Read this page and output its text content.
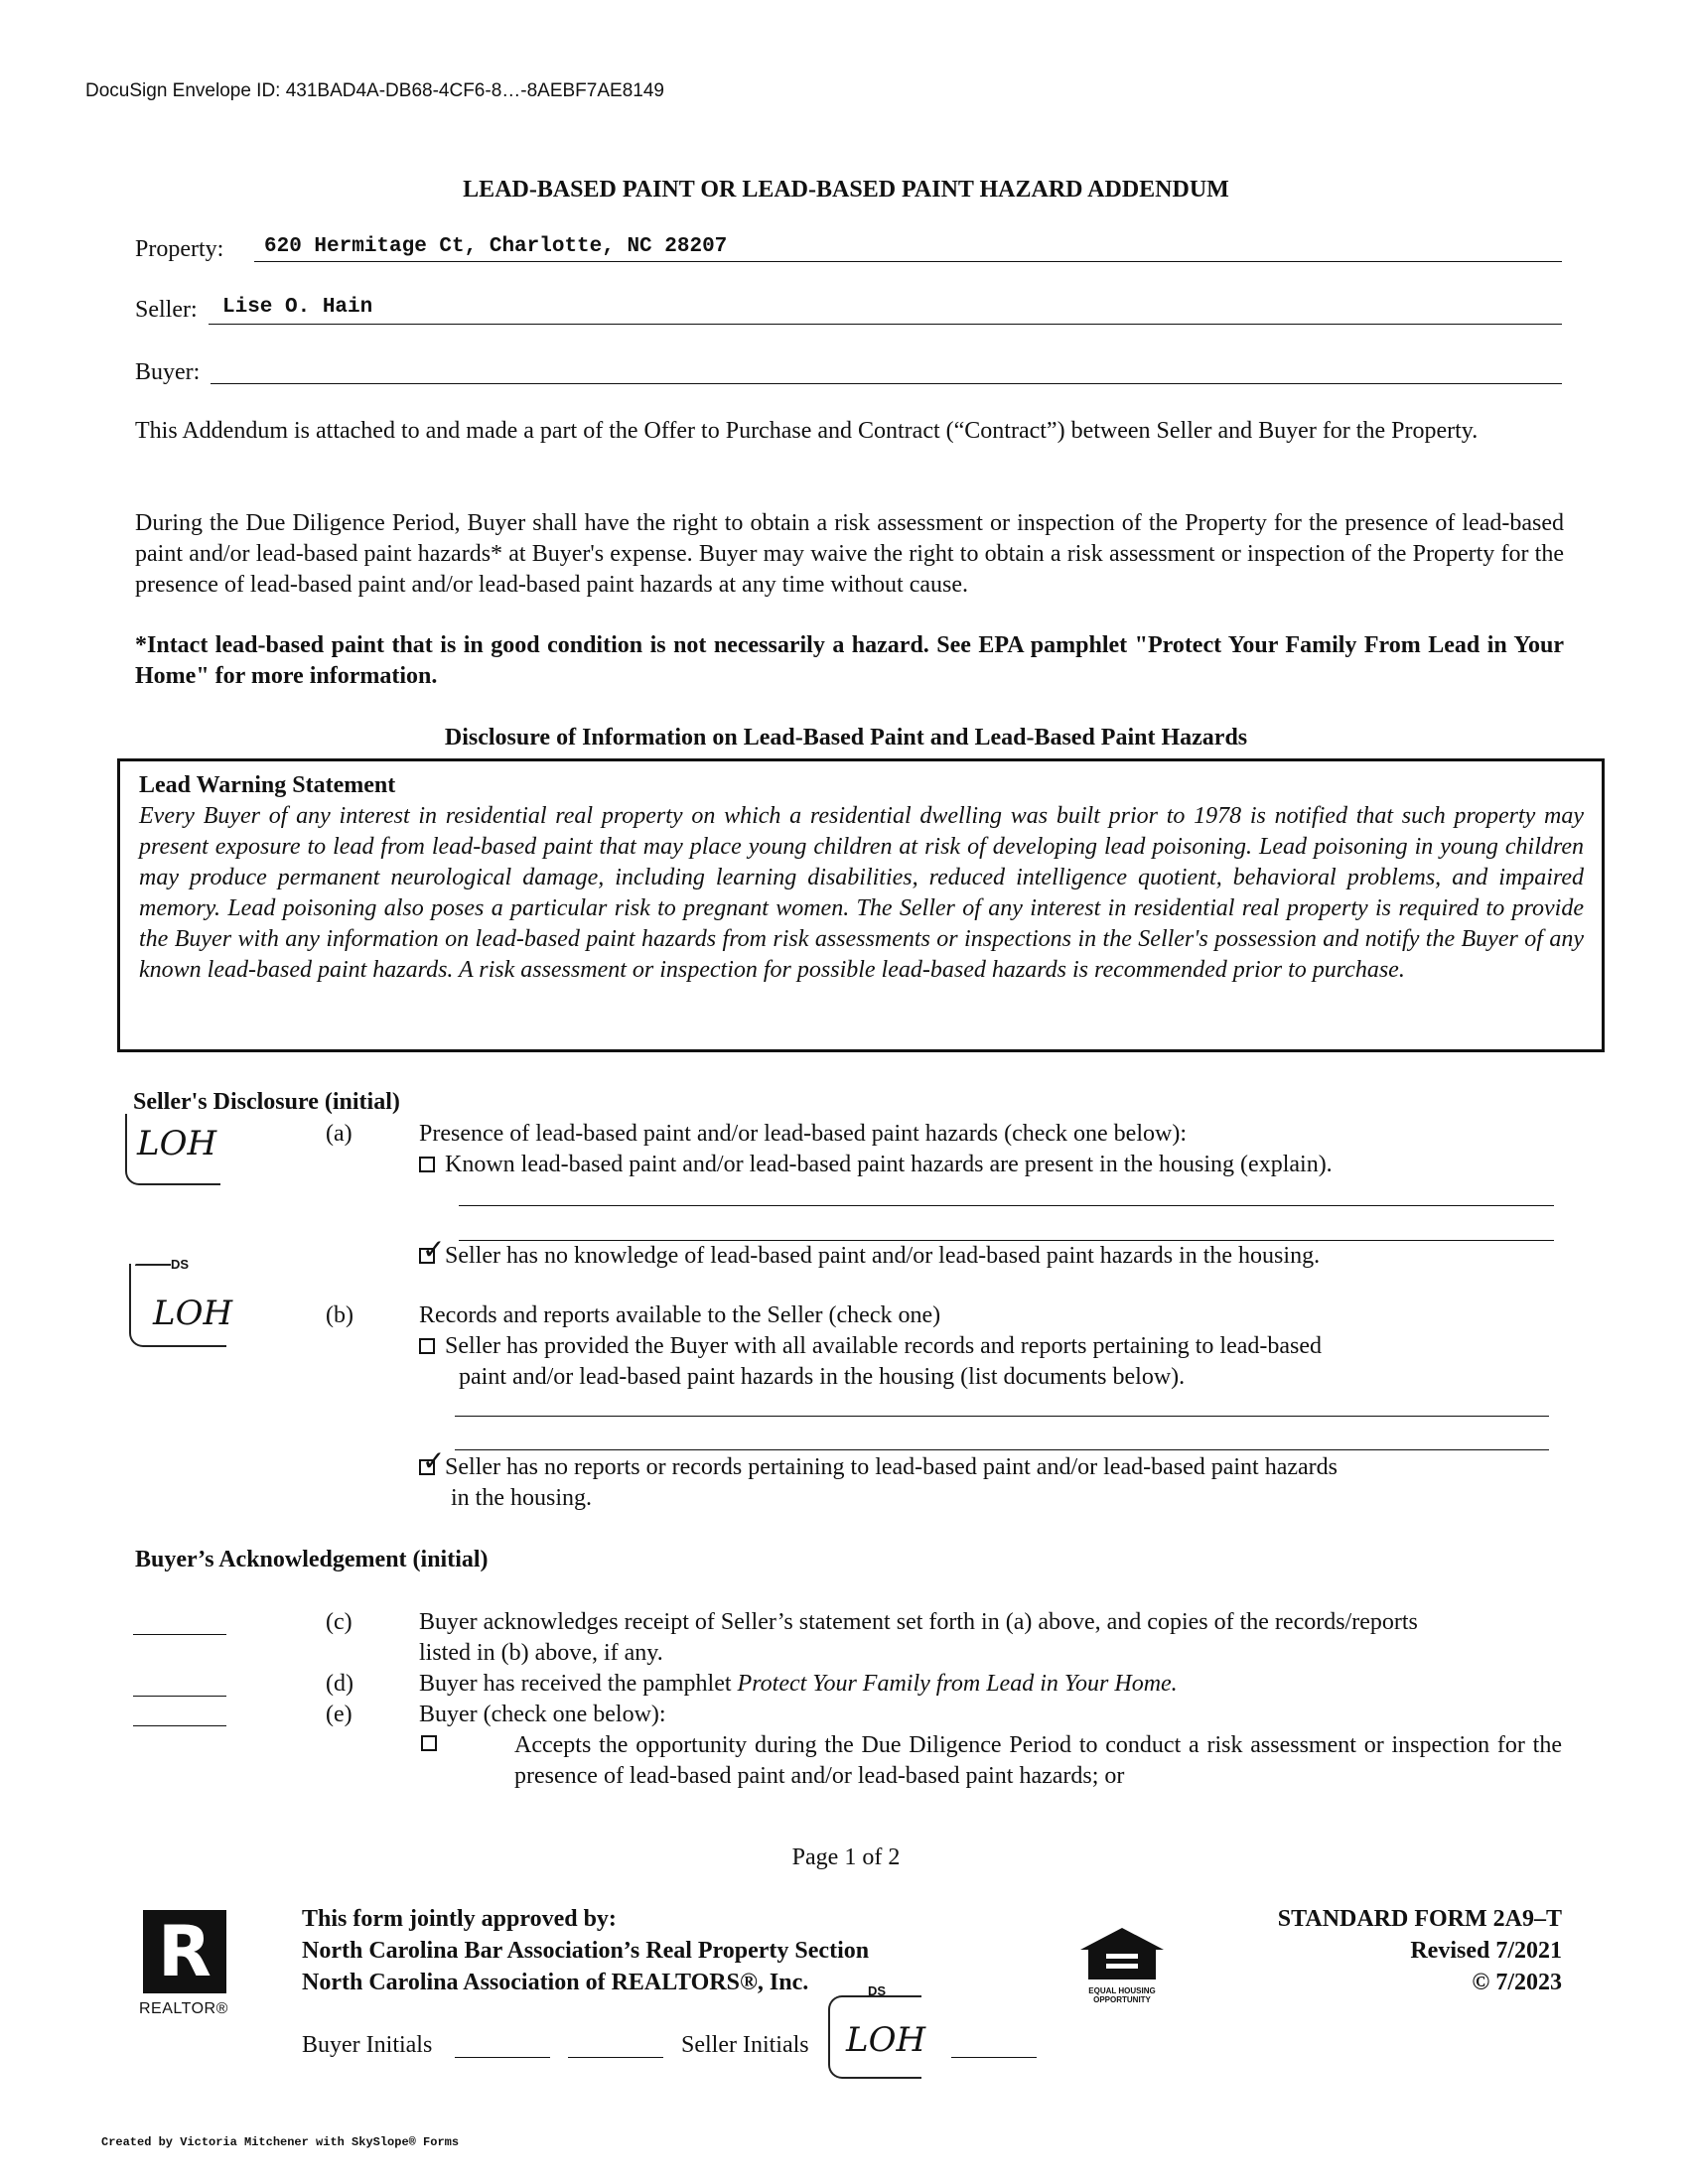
DocuSign Envelope ID: 431BAD4A-DB68-4CF6-8…-8AEBF7AE8149
LEAD-BASED PAINT OR LEAD-BASED PAINT HAZARD ADDENDUM
Property: 620 Hermitage Ct, Charlotte, NC 28207
Seller: Lise O. Hain
Buyer:
This Addendum is attached to and made a part of the Offer to Purchase and Contract (“Contract”) between Seller and Buyer for the Property.
During the Due Diligence Period, Buyer shall have the right to obtain a risk assessment or inspection of the Property for the presence of lead-based paint and/or lead-based paint hazards* at Buyer's expense. Buyer may waive the right to obtain a risk assessment or inspection of the Property for the presence of lead-based paint and/or lead-based paint hazards at any time without cause.
*Intact lead-based paint that is in good condition is not necessarily a hazard. See EPA pamphlet "Protect Your Family From Lead in Your Home" for more information.
Disclosure of Information on Lead-Based Paint and Lead-Based Paint Hazards
Lead Warning Statement
Every Buyer of any interest in residential real property on which a residential dwelling was built prior to 1978 is notified that such property may present exposure to lead from lead-based paint that may place young children at risk of developing lead poisoning. Lead poisoning in young children may produce permanent neurological damage, including learning disabilities, reduced intelligence quotient, behavioral problems, and impaired memory. Lead poisoning also poses a particular risk to pregnant women. The Seller of any interest in residential real property is required to provide the Buyer with any information on lead-based paint hazards from risk assessments or inspections in the Seller's possession and notify the Buyer of any known lead-based paint hazards. A risk assessment or inspection for possible lead-based hazards is recommended prior to purchase.
Seller's Disclosure (initial)
LOH	(a)	Presence of lead-based paint and/or lead-based paint hazards (check one below):
Known lead-based paint and/or lead-based paint hazards are present in the housing (explain).
✓ Seller has no knowledge of lead-based paint and/or lead-based paint hazards in the housing.
DS
LOH	(b)	Records and reports available to the Seller (check one)
Seller has provided the Buyer with all available records and reports pertaining to lead-based
paint and/or lead-based paint hazards in the housing (list documents below).
✓ Seller has no reports or records pertaining to lead-based paint and/or lead-based paint hazards
in the housing.
Buyer’s Acknowledgement (initial)
(c)	Buyer acknowledges receipt of Seller’s statement set forth in (a) above, and copies of the records/reports
listed in (b) above, if any.
(d)	Buyer has received the pamphlet Protect Your Family from Lead in Your Home.
(e)	Buyer (check one below):
Accepts the opportunity during the Due Diligence Period to conduct a risk assessment or inspection for the presence of lead-based paint and/or lead-based paint hazards; or
Page 1 of 2
R
REALTOR®
This form jointly approved by:
North Carolina Bar Association’s Real Property Section
North Carolina Association of REALTORS®, Inc.	DS	EQUAL HOUSING
OPPORTUNITY
STANDARD FORM 2A9–T
Revised 7/2021
© 7/2023
Buyer Initials	Seller Initials LOH
Created by Victoria Mitchener with SkySlope® Forms
